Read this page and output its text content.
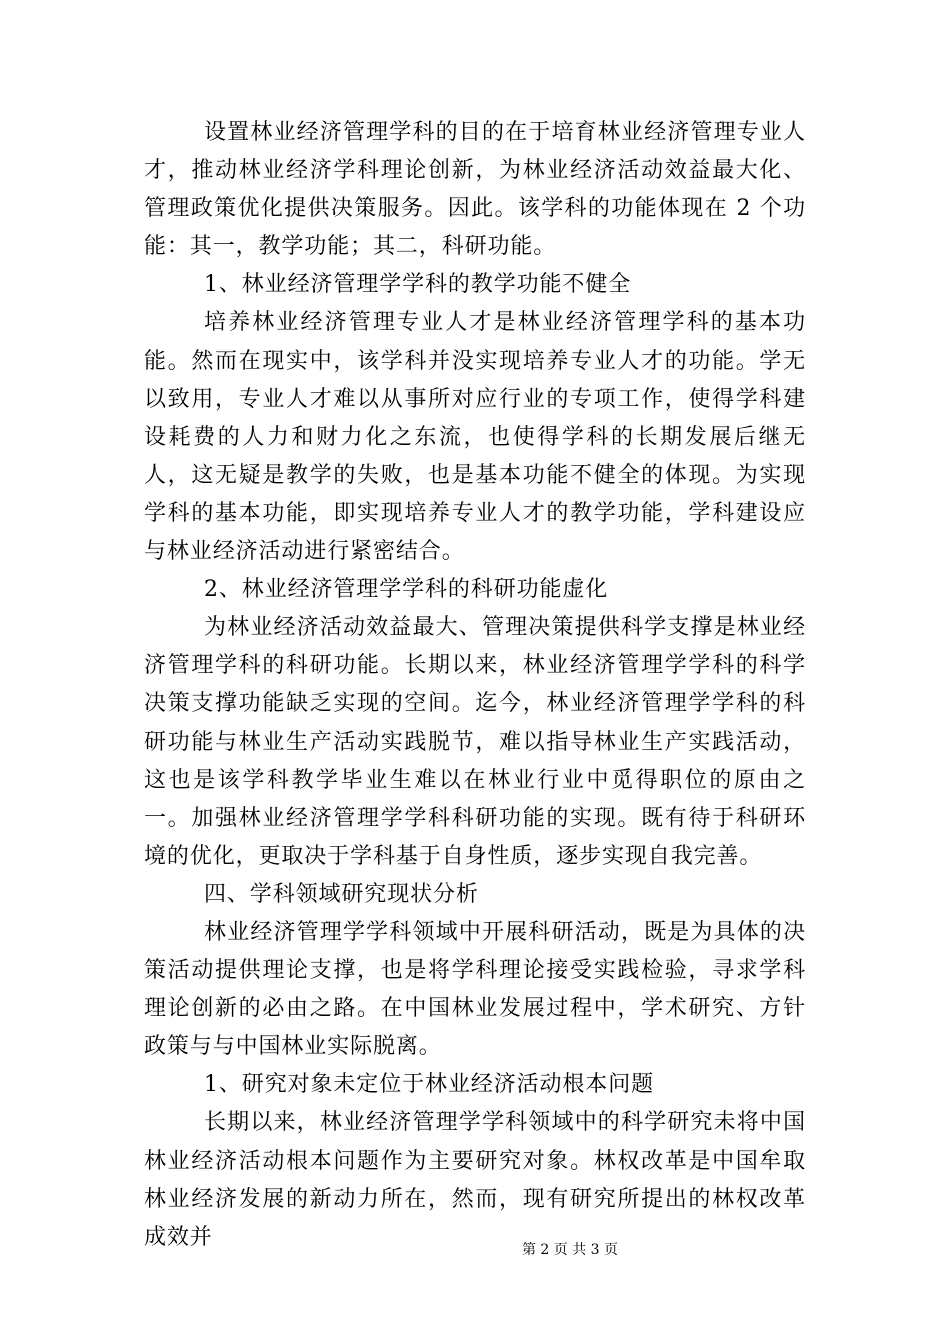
设置林业经济管理学科的目的在于培育林业经济管理专业人才，推动林业经济学科理论创新，为林业经济活动效益最大化、管理政策优化提供决策服务。因此。该学科的功能体现在 2 个功能：其一，教学功能；其二，科研功能。

1、林业经济管理学学科的教学功能不健全

培养林业经济管理专业人才是林业经济管理学科的基本功能。然而在现实中，该学科并没实现培养专业人才的功能。学无以致用，专业人才难以从事所对应行业的专项工作，使得学科建设耗费的人力和财力化之东流，也使得学科的长期发展后继无人，这无疑是教学的失败，也是基本功能不健全的体现。为实现学科的基本功能，即实现培养专业人才的教学功能，学科建设应与林业经济活动进行紧密结合。

2、林业经济管理学学科的科研功能虚化

为林业经济活动效益最大、管理决策提供科学支撑是林业经济管理学科的科研功能。长期以来，林业经济管理学学科的科学决策支撑功能缺乏实现的空间。迄今，林业经济管理学学科的科研功能与林业生产活动实践脱节，难以指导林业生产实践活动，这也是该学科教学毕业生难以在林业行业中觅得职位的原由之一。加强林业经济管理学学科科研功能的实现。既有待于科研环境的优化，更取决于学科基于自身性质，逐步实现自我完善。

四、学科领域研究现状分析

林业经济管理学学科领域中开展科研活动，既是为具体的决策活动提供理论支撑，也是将学科理论接受实践检验，寻求学科理论创新的必由之路。在中国林业发展过程中，学术研究、方针政策与与中国林业实际脱离。

1、研究对象未定位于林业经济活动根本问题

长期以来，林业经济管理学学科领域中的科学研究未将中国林业经济活动根本问题作为主要研究对象。林权改革是中国牟取林业经济发展的新动力所在，然而，现有研究所提出的林权改革成效并

第 2 页 共 3 页
